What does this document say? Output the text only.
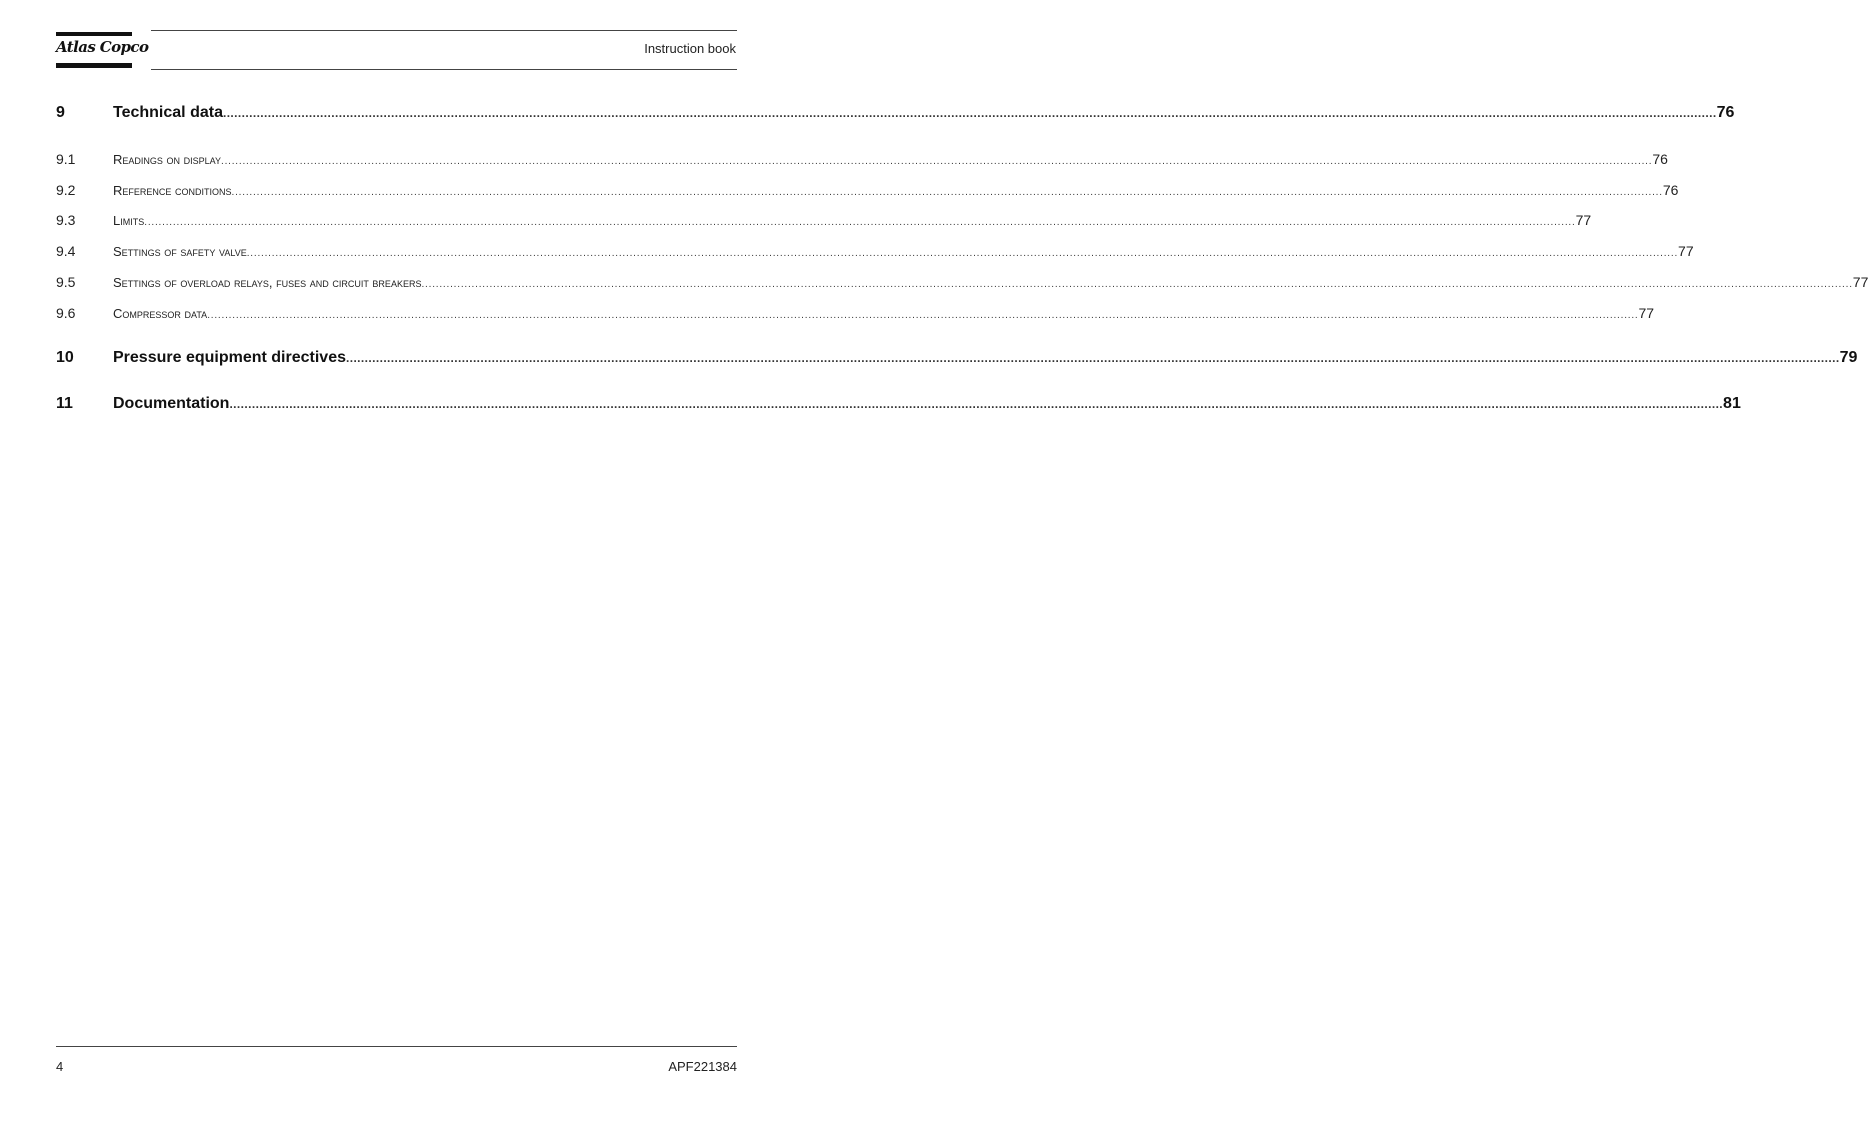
Atlas Copco	Instruction book
9	Technical data ................................................................................................................................................................................................................................................................................................................................................................................................................ 76
9.1	Readings on display ................................................................................................................................................................................................................................................................................................................................................................................................................ 76
9.2	Reference conditions ................................................................................................................................................................................................................................................................................................................................................................................................................ 76
9.3	Limits ................................................................................................................................................................................................................................................................................................................................................................................................................ 77
9.4	Settings of safety valve ................................................................................................................................................................................................................................................................................................................................................................................................................ 77
9.5	Settings of overload relays, fuses and circuit breakers ................................................................................................................................................................................................................................................................................................................................................................................................................ 77
9.6	Compressor data ................................................................................................................................................................................................................................................................................................................................................................................................................ 77
10	Pressure equipment directives ................................................................................................................................................................................................................................................................................................................................................................................................................ 79
11	Documentation ................................................................................................................................................................................................................................................................................................................................................................................................................ 81
4	APF221384
